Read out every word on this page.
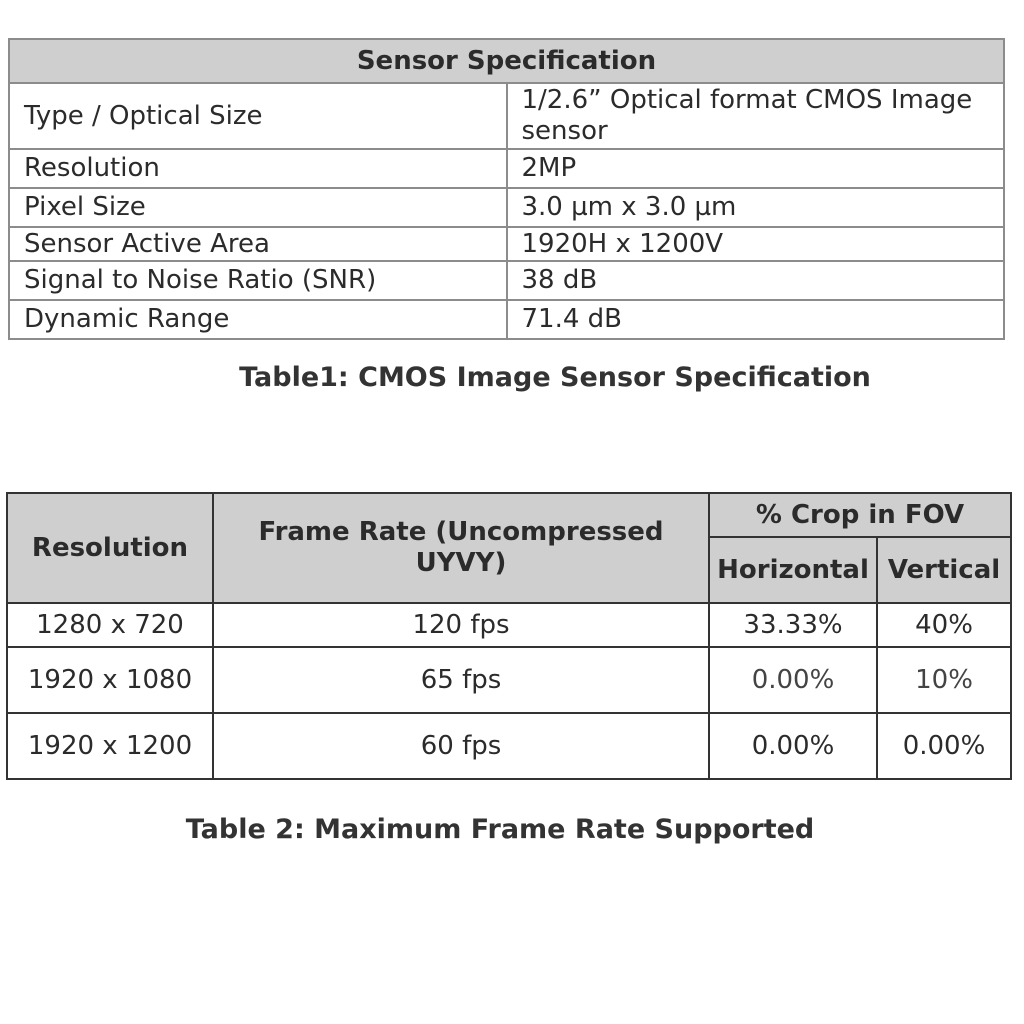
Sensor Specification	
Type / Optical Size	1/2.6” Optical format CMOS Image sensor
Resolution	2MP
Pixel Size	3.0 µm x 3.0 µm
Sensor Active Area	1920H x 1200V
Signal to Noise Ratio (SNR)	38 dB
Dynamic Range	71.4 dB
Table1: CMOS Image Sensor Specification
Resolution	Frame Rate (Uncompressed UYVY)	% Crop in FOV	
		Horizontal	Vertical
1280 x 720	120 fps	33.33%	40%
1920 x 1080	65 fps	0.00%	10%
1920 x 1200	60 fps	0.00%	0.00%
Table 2: Maximum Frame Rate Supported
